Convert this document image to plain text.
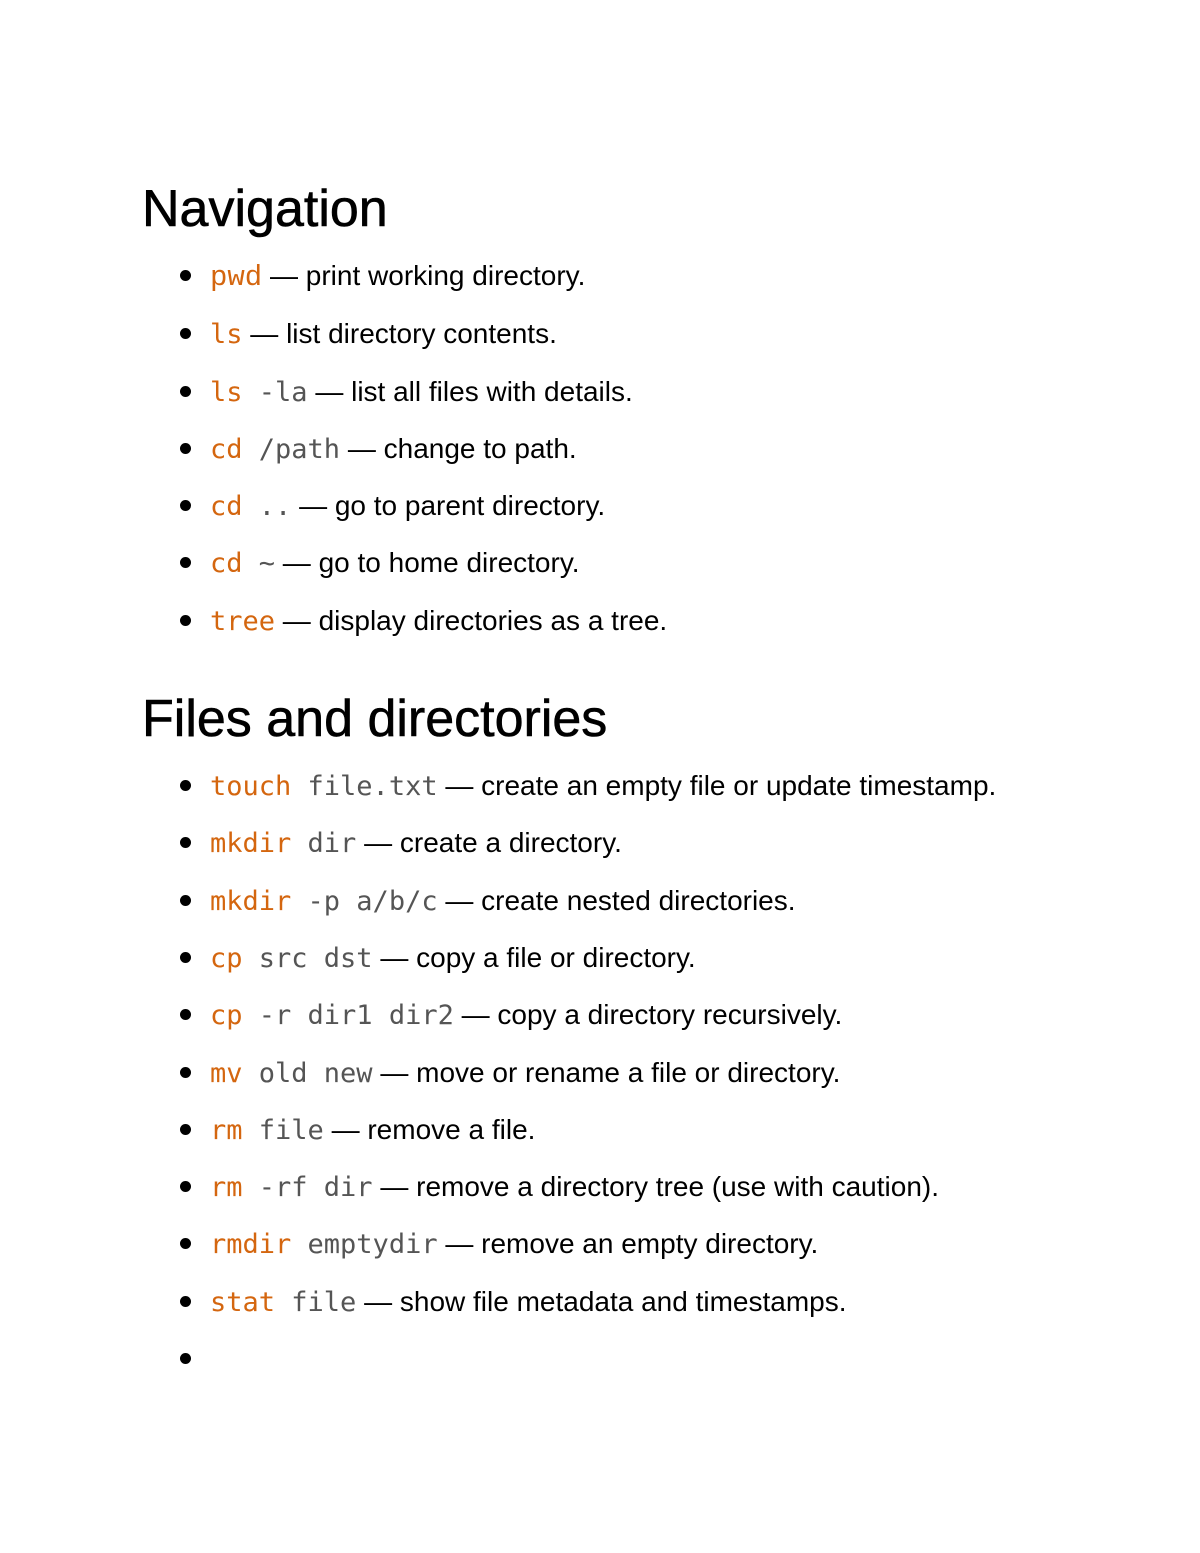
Navigation
pwd — print working directory.
ls — list directory contents.
ls -la — list all files with details.
cd /path — change to path.
cd .. — go to parent directory.
cd ~ — go to home directory.
tree — display directories as a tree.
Files and directories
touch file.txt — create an empty file or update timestamp.
mkdir dir — create a directory.
mkdir -p a/b/c — create nested directories.
cp src dst — copy a file or directory.
cp -r dir1 dir2 — copy a directory recursively.
mv old new — move or rename a file or directory.
rm file — remove a file.
rm -rf dir — remove a directory tree (use with caution).
rmdir emptydir — remove an empty directory.
stat file — show file metadata and timestamps.
